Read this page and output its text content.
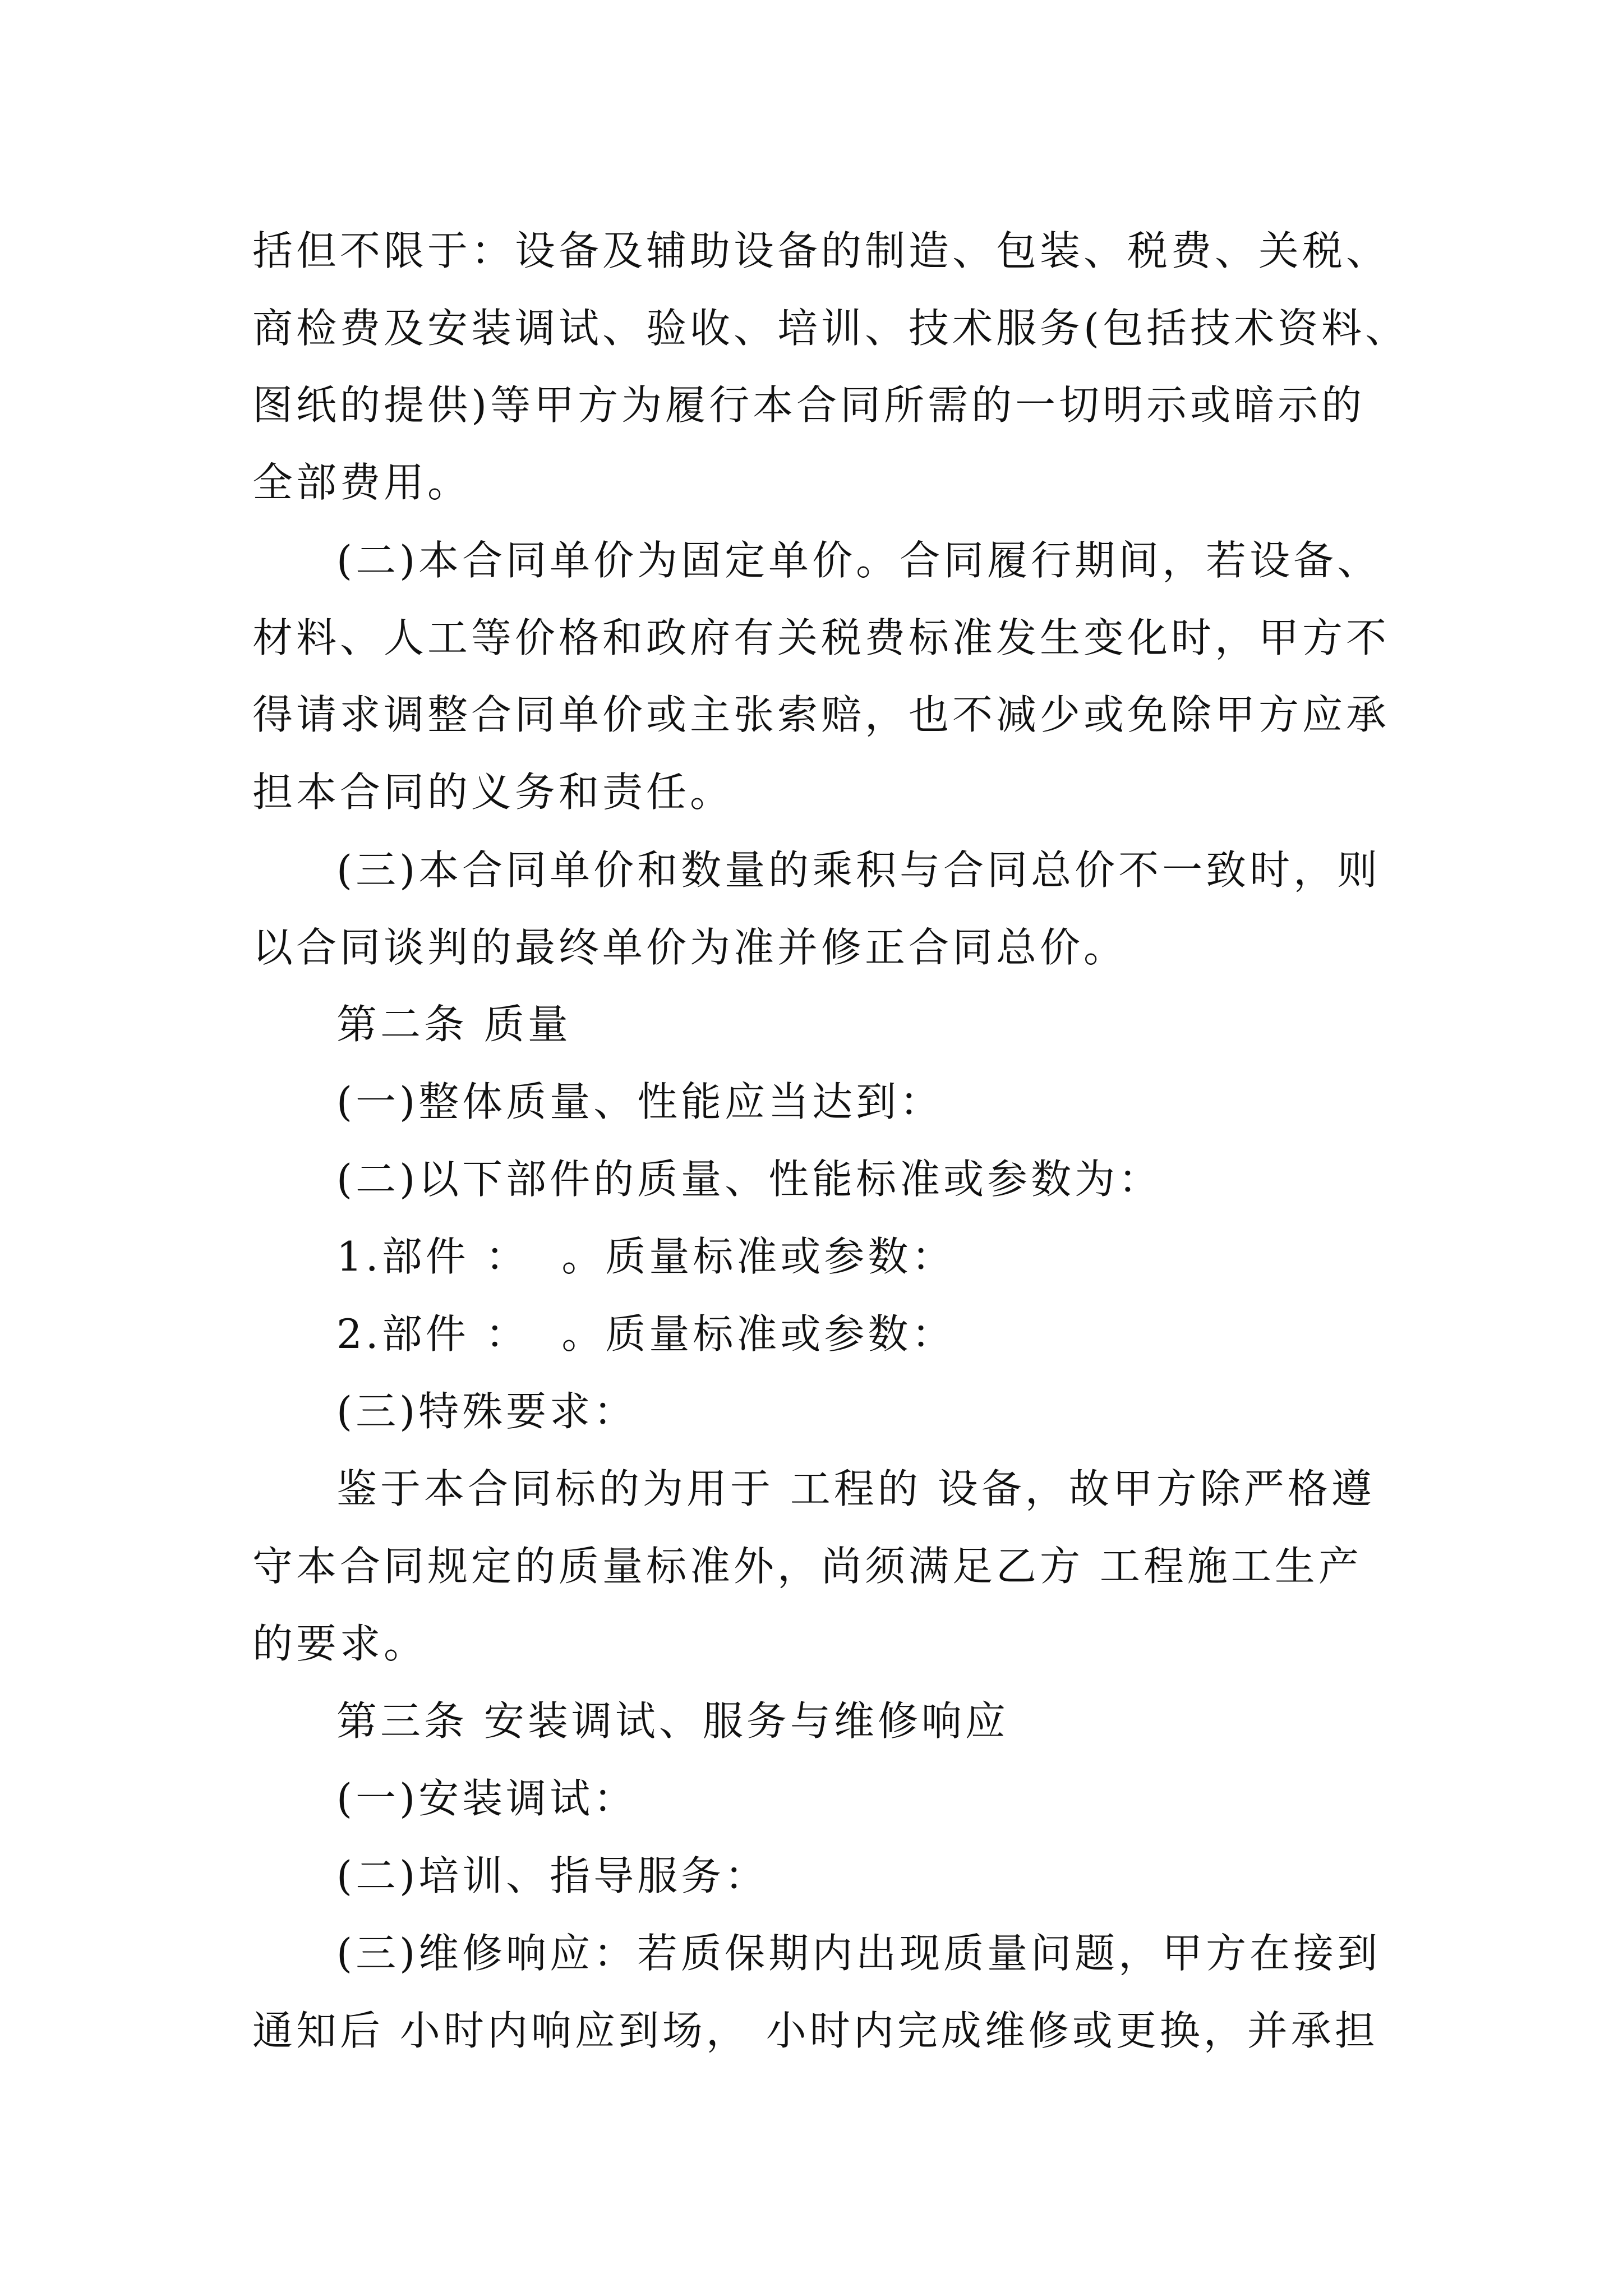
括但不限于：设备及辅助设备的制造、包装、税费、关税、
商检费及安装调试、验收、培训、技术服务(包括技术资料、
图纸的提供)等甲方为履行本合同所需的一切明示或暗示的
全部费用。
(二)本合同单价为固定单价。合同履行期间，若设备、
材料、人工等价格和政府有关税费标准发生变化时，甲方不
得请求调整合同单价或主张索赔，也不减少或免除甲方应承
担本合同的义务和责任。
(三)本合同单价和数量的乘积与合同总价不一致时，则
以合同谈判的最终单价为准并修正合同总价。
第二条 质量
(一)整体质量、性能应当达到：
(二)以下部件的质量、性能标准或参数为：
1.部件 ：  。质量标准或参数：
2.部件 ：  。质量标准或参数：
(三)特殊要求：
鉴于本合同标的为用于 工程的 设备，故甲方除严格遵
守本合同规定的质量标准外，尚须满足乙方 工程施工生产
的要求。
第三条 安装调试、服务与维修响应
(一)安装调试：
(二)培训、指导服务：
(三)维修响应：若质保期内出现质量问题，甲方在接到
通知后 小时内响应到场， 小时内完成维修或更换，并承担
